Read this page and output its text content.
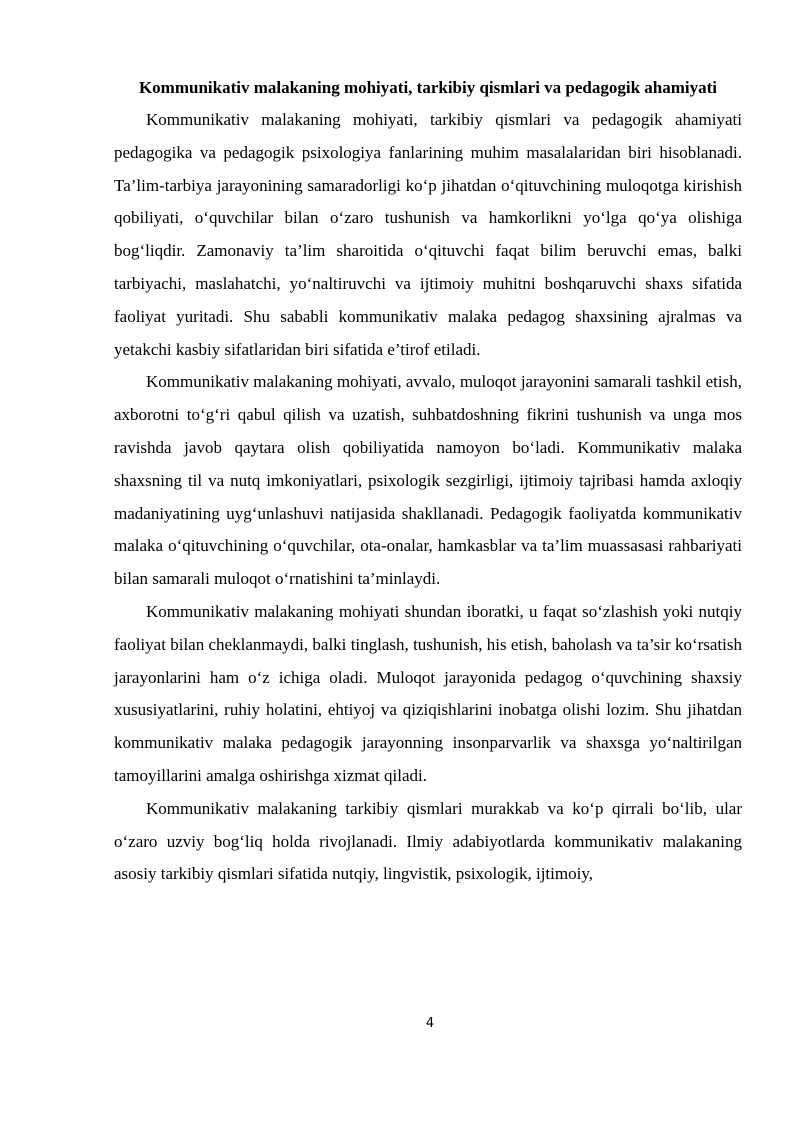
Kommunikativ malakaning mohiyati, tarkibiy qismlari va pedagogik ahamiyati

Kommunikativ malakaning mohiyati, tarkibiy qismlari va pedagogik ahamiyati pedagogika va pedagogik psixologiya fanlarining muhim masalalaridan biri hisoblanadi. Ta’lim-tarbiya jarayonining samaradorligi ko‘p jihatdan o‘qituvchining muloqotga kirishish qobiliyati, o‘quvchilar bilan o‘zaro tushunish va hamkorlikni yo‘lga qo‘ya olishiga bog‘liqdir. Zamonaviy ta’lim sharoitida o‘qituvchi faqat bilim beruvchi emas, balki tarbiyachi, maslahatchi, yo‘naltiruvchi va ijtimoiy muhitni boshqaruvchi shaxs sifatida faoliyat yuritadi. Shu sababli kommunikativ malaka pedagog shaxsining ajralmas va yetakchi kasbiy sifatlaridan biri sifatida e’tirof etiladi.

Kommunikativ malakaning mohiyati, avvalo, muloqot jarayonini samarali tashkil etish, axborotni to‘g‘ri qabul qilish va uzatish, suhbatdoshning fikrini tushunish va unga mos ravishda javob qaytara olish qobiliyatida namoyon bo‘ladi. Kommunikativ malaka shaxsning til va nutq imkoniyatlari, psixologik sezgirligi, ijtimoiy tajribasi hamda axloqiy madaniyatining uyg‘unlashuvi natijasida shakllanadi. Pedagogik faoliyatda kommunikativ malaka o‘qituvchining o‘quvchilar, ota-onalar, hamkasblar va ta’lim muassasasi rahbariyati bilan samarali muloqot o‘rnatishini ta’minlaydi.

Kommunikativ malakaning mohiyati shundan iboratki, u faqat so‘zlashish yoki nutqiy faoliyat bilan cheklanmaydi, balki tinglash, tushunish, his etish, baholash va ta’sir ko‘rsatish jarayonlarini ham o‘z ichiga oladi. Muloqot jarayonida pedagog o‘quvchining shaxsiy xususiyatlarini, ruhiy holatini, ehtiyoj va qiziqishlarini inobatga olishi lozim. Shu jihatdan kommunikativ malaka pedagogik jarayonning insonparvarlik va shaxsga yo‘naltirilgan tamoyillarini amalga oshirishga xizmat qiladi.

Kommunikativ malakaning tarkibiy qismlari murakkab va ko‘p qirrali bo‘lib, ular o‘zaro uzviy bog‘liq holda rivojlanadi. Ilmiy adabiyotlarda kommunikativ malakaning asosiy tarkibiy qismlari sifatida nutqiy, lingvistik, psixologik, ijtimoiy,

4
